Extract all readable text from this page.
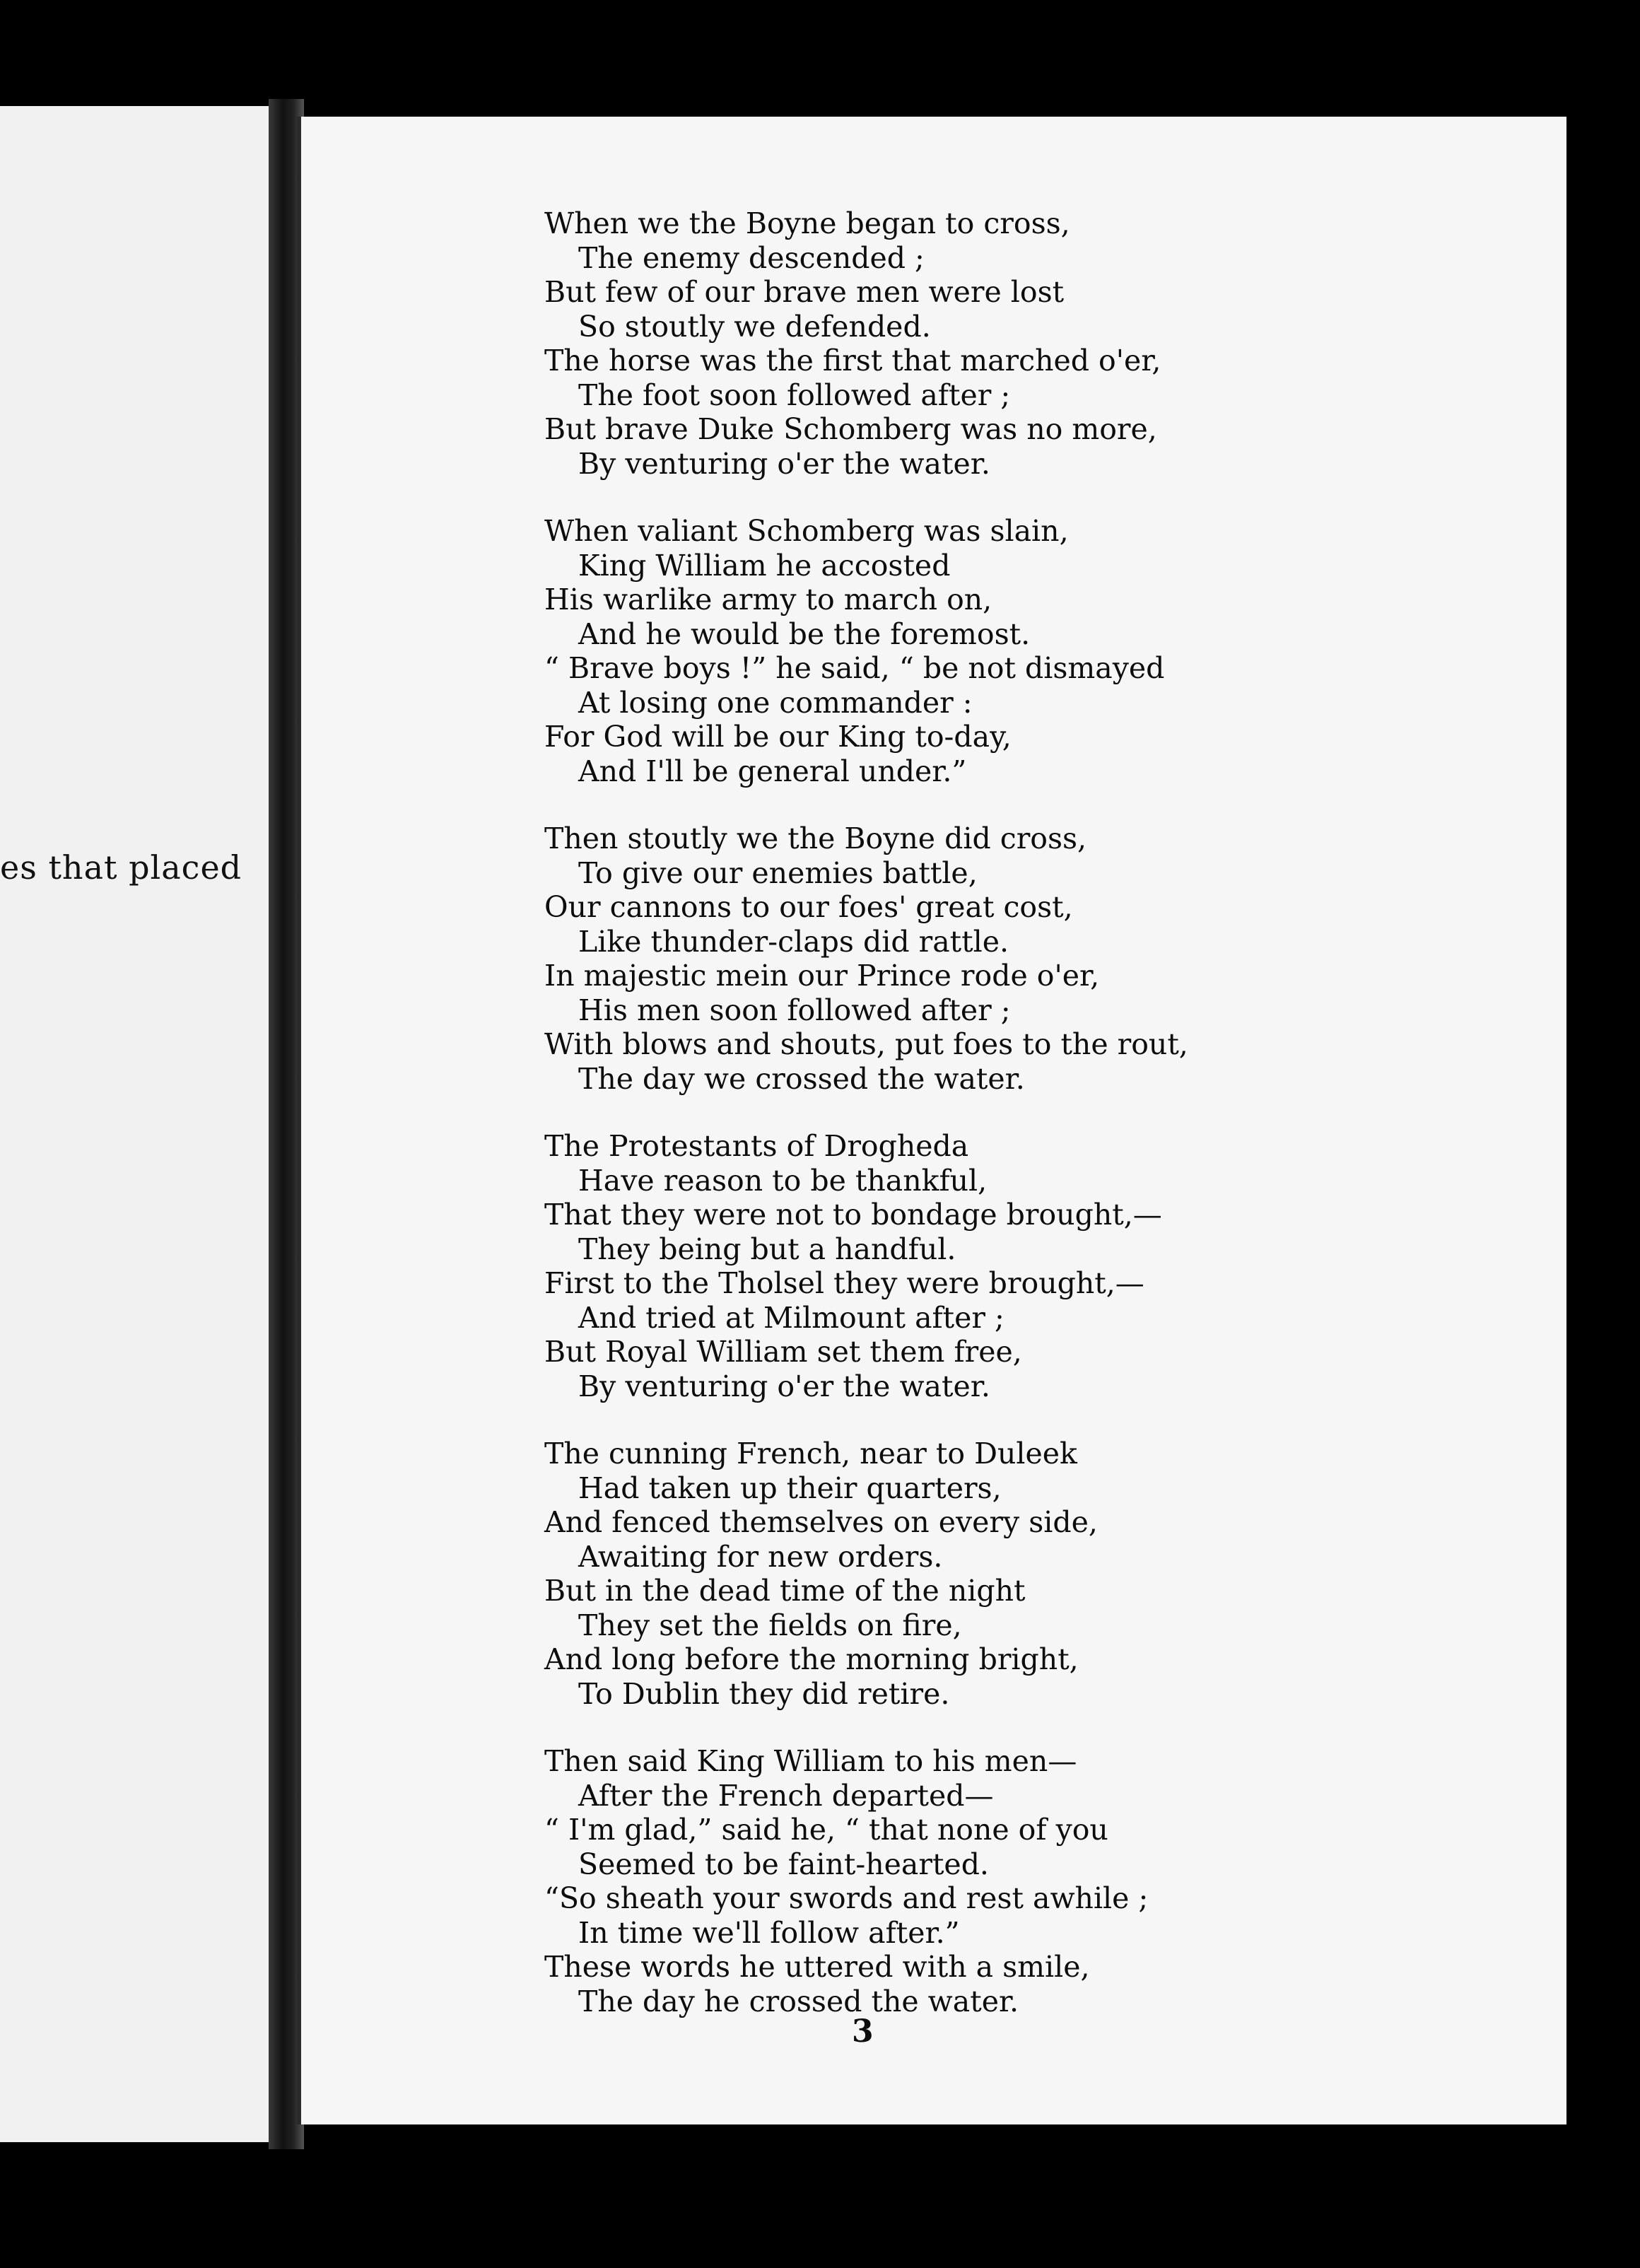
es that placed
When we the Boyne began to cross,
The enemy descended ;
But few of our brave men were lost
So stoutly we defended.
The horse was the first that marched o'er,
The foot soon followed after ;
But brave Duke Schomberg was no more,
By venturing o'er the water.
When valiant Schomberg was slain,
King William he accosted
His warlike army to march on,
And he would be the foremost.
“ Brave boys !” he said, “ be not dismayed
At losing one commander :
For God will be our King to-day,
And I'll be general under.”
Then stoutly we the Boyne did cross,
To give our enemies battle,
Our cannons to our foes' great cost,
Like thunder-claps did rattle.
In majestic mein our Prince rode o'er,
His men soon followed after ;
With blows and shouts, put foes to the rout,
The day we crossed the water.
The Protestants of Drogheda
Have reason to be thankful,
That they were not to bondage brought,—
They being but a handful.
First to the Tholsel they were brought,—
And tried at Milmount after ;
But Royal William set them free,
By venturing o'er the water.
The cunning French, near to Duleek
Had taken up their quarters,
And fenced themselves on every side,
Awaiting for new orders.
But in the dead time of the night
They set the fields on fire,
And long before the morning bright,
To Dublin they did retire.
Then said King William to his men—
After the French departed—
“ I'm glad,” said he, “ that none of you
Seemed to be faint-hearted.
“So sheath your swords and rest awhile ;
In time we'll follow after.”
These words he uttered with a smile,
The day he crossed the water.
3
